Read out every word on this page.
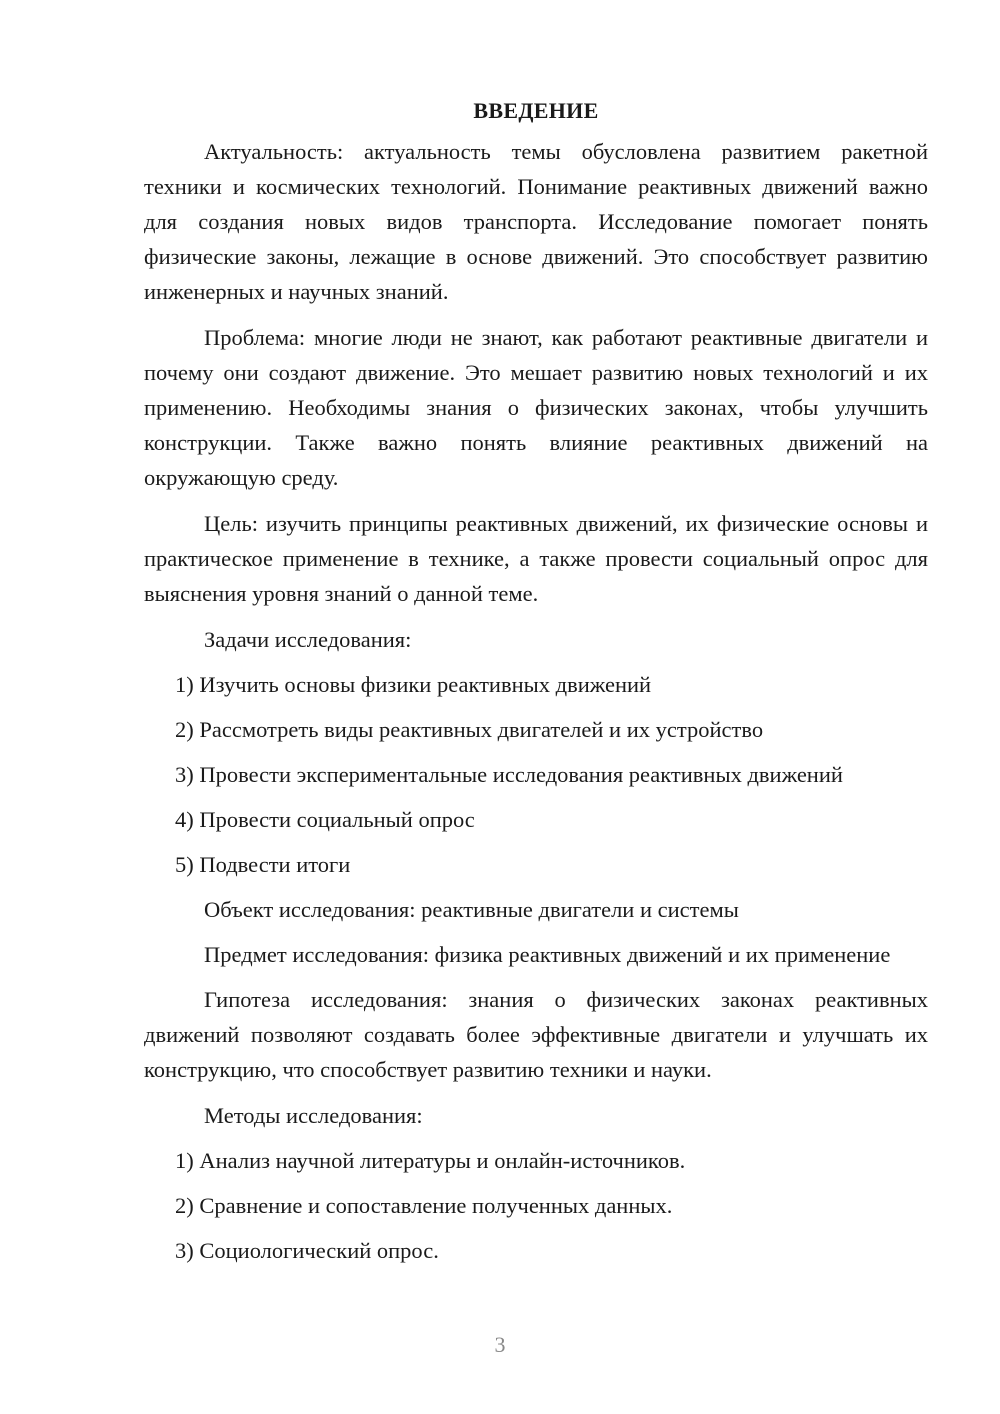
ВВЕДЕНИЕ

Актуальность: актуальность темы обусловлена развитием ракетной техники и космических технологий. Понимание реактивных движений важно для создания новых видов транспорта. Исследование помогает понять физические законы, лежащие в основе движений. Это способствует развитию инженерных и научных знаний.

Проблема: многие люди не знают, как работают реактивные двигатели и почему они создают движение. Это мешает развитию новых технологий и их применению. Необходимы знания о физических законах, чтобы улучшить конструкции. Также важно понять влияние реактивных движений на окружающую среду.

Цель: изучить принципы реактивных движений, их физические основы и практическое применение в технике, а также провести социальный опрос для выяснения уровня знаний о данной теме.

Задачи исследования:
1) Изучить основы физики реактивных движений
2) Рассмотреть виды реактивных двигателей и их устройство
3) Провести экспериментальные исследования реактивных движений
4) Провести социальный опрос
5) Подвести итоги
Объект исследования: реактивные двигатели и системы

Предмет исследования: физика реактивных движений и их применение

Гипотеза исследования: знания о физических законах реактивных движений позволяют создавать более эффективные двигатели и улучшать их конструкцию, что способствует развитию техники и науки.

Методы исследования:
1) Анализ научной литературы и онлайн-источников.
2) Сравнение и сопоставление полученных данных.
3) Социологический опрос.
3
